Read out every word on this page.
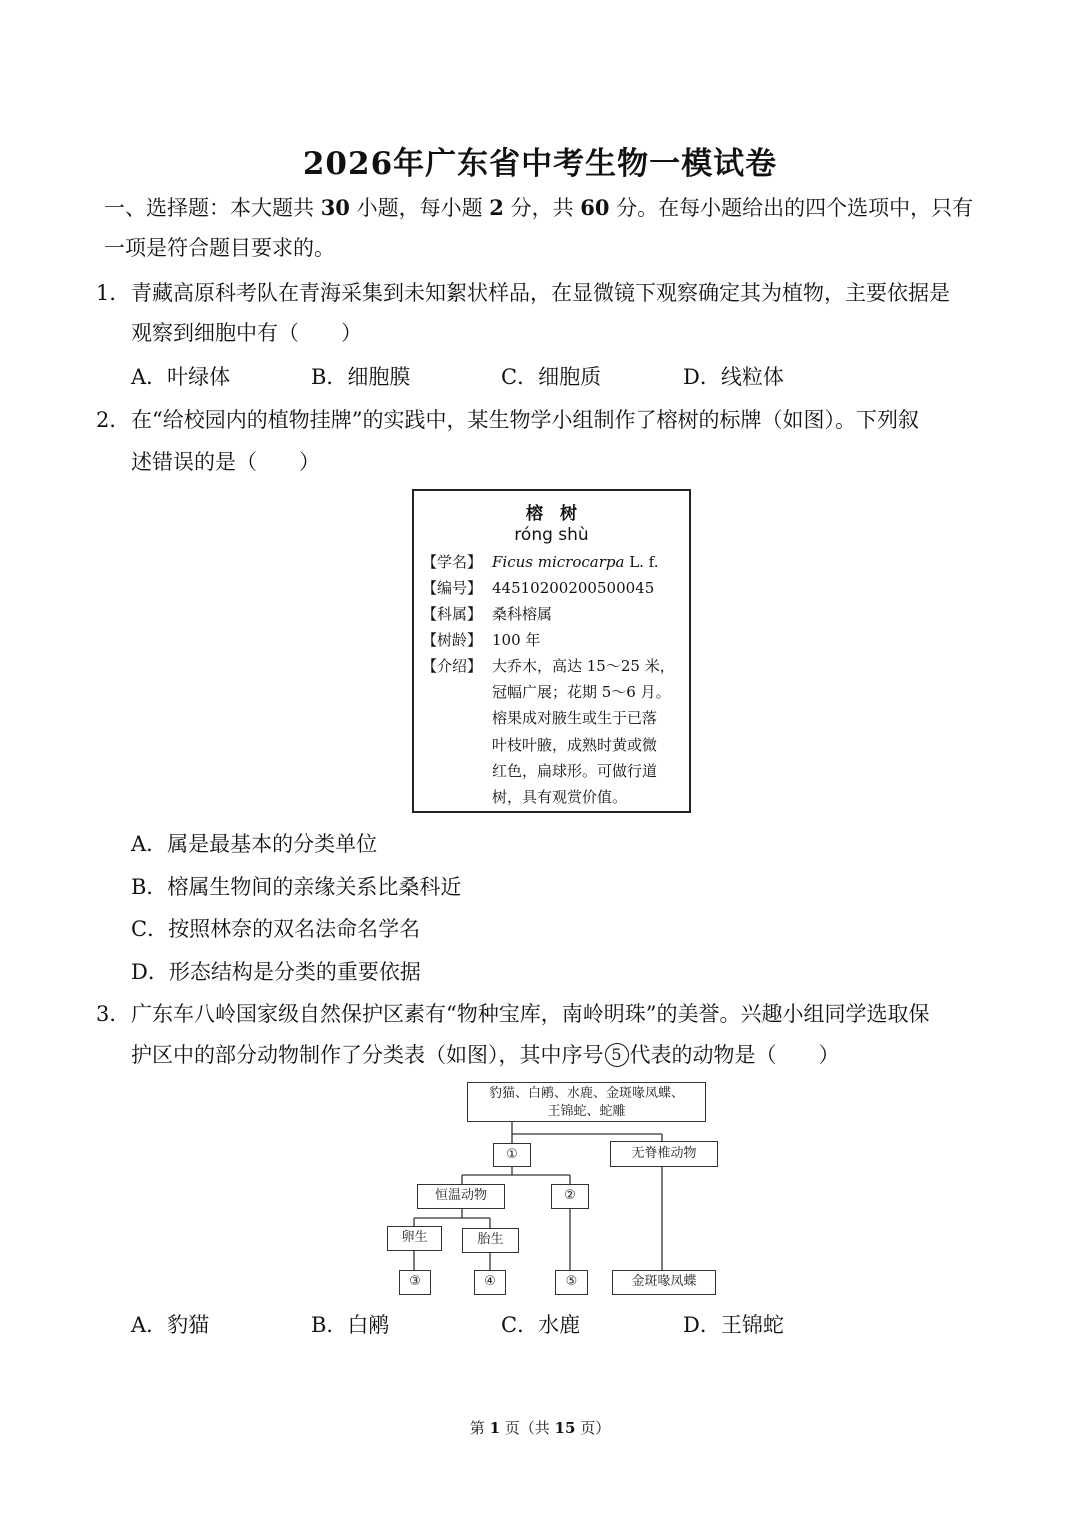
2026年广东省中考生物一模试卷
一、选择题：本大题共 30 小题，每小题 2 分，共 60 分。在每小题给出的四个选项中，只有
一项是符合题目要求的。
1． 青藏高原科考队在青海采集到未知絮状样品，在显微镜下观察确定其为植物，主要依据是
观察到细胞中有（　　）
A．叶绿体	B．细胞膜	C．细胞质	D．线粒体
2． 在“给校园内的植物挂牌”的实践中，某生物学小组制作了榕树的标牌（如图）。下列叙
述错误的是（　　）
榕　树
róng shù
【学名】 Ficus microcarpa L. f.
【编号】 44510200200500045
【科属】 桑科榕属
【树龄】 100 年
【介绍】 大乔木，高达 15～25 米，
冠幅广展；花期 5～6 月。
榕果成对腋生或生于已落
叶枝叶腋，成熟时黄或微
红色，扁球形。可做行道
树，具有观赏价值。
A．属是最基本的分类单位
B．榕属生物间的亲缘关系比桑科近
C．按照林奈的双名法命名学名
D．形态结构是分类的重要依据
3． 广东车八岭国家级自然保护区素有“物种宝库，南岭明珠”的美誉。兴趣小组同学选取保
护区中的部分动物制作了分类表（如图），其中序号 5 代表的动物是（　　）
豹猫、白鹇、水鹿、金斑喙凤蝶、
王锦蛇、蛇雕
①	无脊椎动物
恒温动物	②
卵生	胎生
③	④	⑤	金斑喙凤蝶
A．豹猫	B．白鹇	C．水鹿	D．王锦蛇
第 1 页（共 15 页）
